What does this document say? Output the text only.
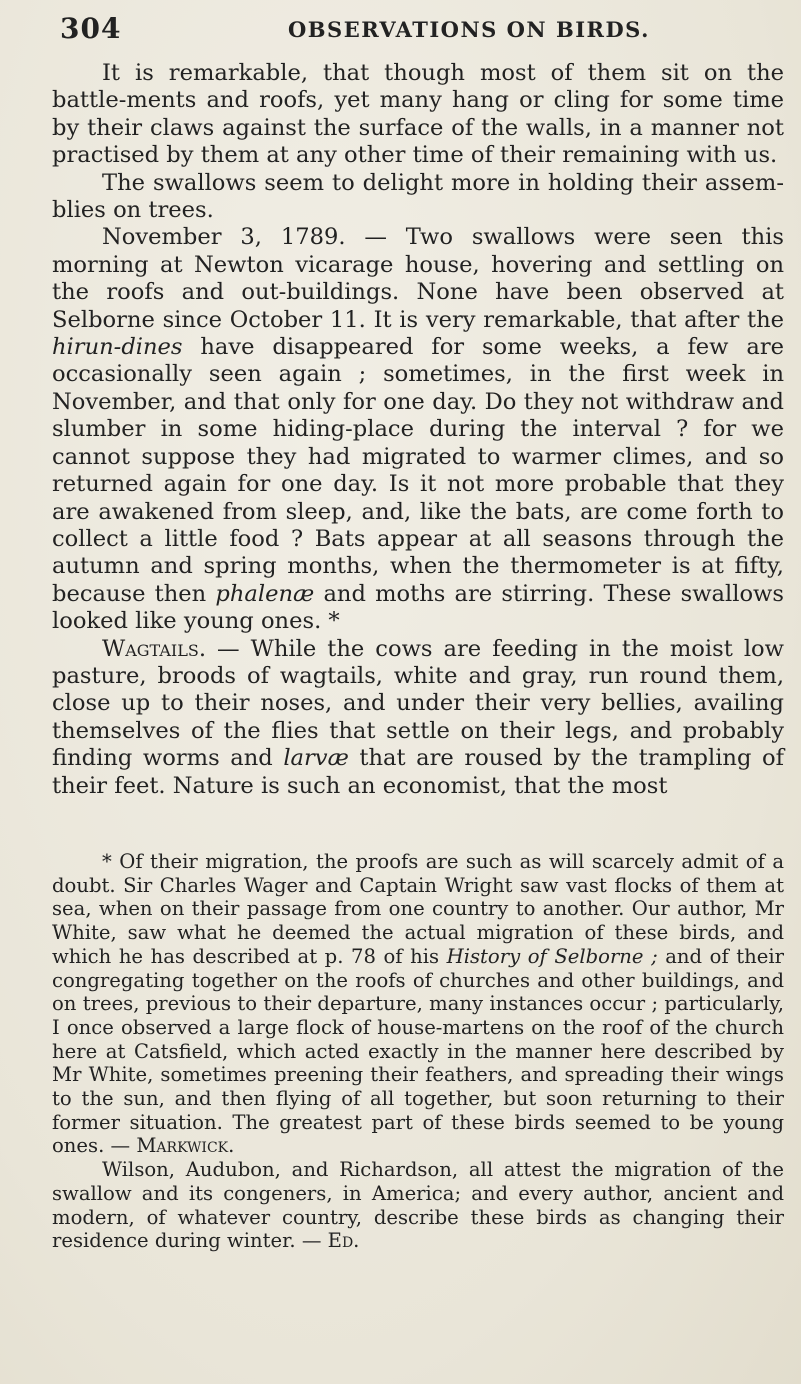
304	OBSERVATIONS ON BIRDS.

It is remarkable, that though most of them sit on the battle-ments and roofs, yet many hang or cling for some time by their claws against the surface of the walls, in a manner not practised by them at any other time of their remaining with us.

The swallows seem to delight more in holding their assem-blies on trees.

November 3, 1789. — Two swallows were seen this morning at Newton vicarage house, hovering and settling on the roofs and out-buildings. None have been observed at Selborne since October 11. It is very remarkable, that after the hirun-dines have disappeared for some weeks, a few are occasionally seen again ; sometimes, in the first week in November, and that only for one day. Do they not withdraw and slumber in some hiding-place during the interval ? for we cannot suppose they had migrated to warmer climes, and so returned again for one day. Is it not more probable that they are awakened from sleep, and, like the bats, are come forth to collect a little food ? Bats appear at all seasons through the autumn and spring months, when the thermometer is at fifty, because then phalenæ and moths are stirring. These swallows looked like young ones. *

Wagtails. — While the cows are feeding in the moist low pasture, broods of wagtails, white and gray, run round them, close up to their noses, and under their very bellies, availing themselves of the flies that settle on their legs, and probably finding worms and larvæ that are roused by the trampling of their feet. Nature is such an economist, that the most

* Of their migration, the proofs are such as will scarcely admit of a doubt. Sir Charles Wager and Captain Wright saw vast flocks of them at sea, when on their passage from one country to another. Our author, Mr White, saw what he deemed the actual migration of these birds, and which he has described at p. 78 of his History of Selborne ; and of their congregating together on the roofs of churches and other buildings, and on trees, previous to their departure, many instances occur ; particularly, I once observed a large flock of house-martens on the roof of the church here at Catsfield, which acted exactly in the manner here described by Mr White, sometimes preening their feathers, and spreading their wings to the sun, and then flying of all together, but soon returning to their former situation. The greatest part of these birds seemed to be young ones. — Markwick.

Wilson, Audubon, and Richardson, all attest the migration of the swallow and its congeners, in America; and every author, ancient and modern, of whatever country, describe these birds as changing their residence during winter. — Ed.
